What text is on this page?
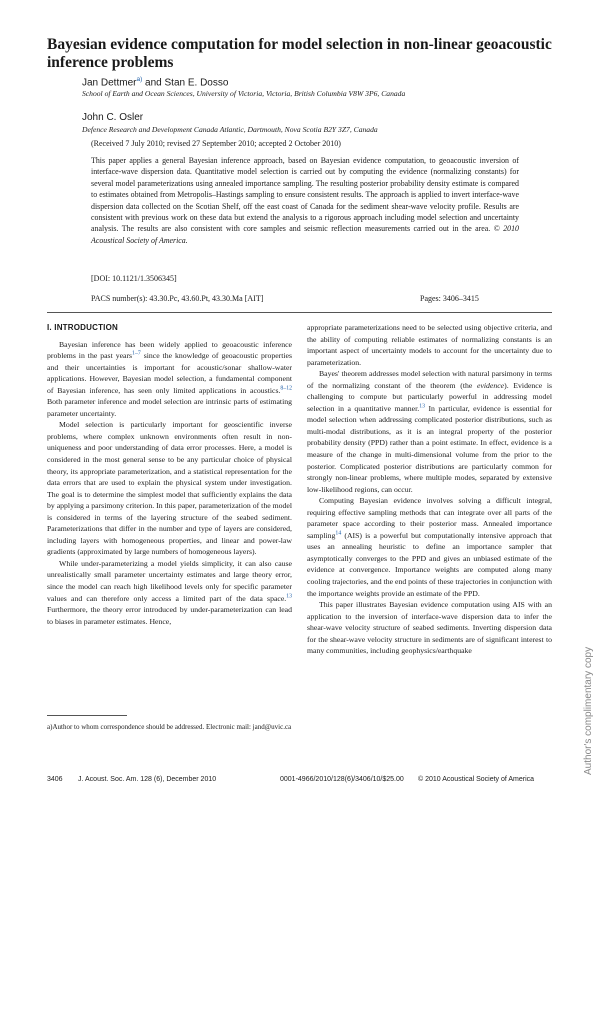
Bayesian evidence computation for model selection in non-linear geoacoustic inference problems
Jan Dettmer$^{a)}$ and Stan E. Dosso
School of Earth and Ocean Sciences, University of Victoria, Victoria, British Columbia V8W 3P6, Canada
John C. Osler
Defence Research and Development Canada Atlantic, Dartmouth, Nova Scotia B2Y 3Z7, Canada
(Received 7 July 2010; revised 27 September 2010; accepted 2 October 2010)
This paper applies a general Bayesian inference approach, based on Bayesian evidence computation, to geoacoustic inversion of interface-wave dispersion data. Quantitative model selection is carried out by computing the evidence (normalizing constants) for several model parameterizations using annealed importance sampling. The resulting posterior probability density estimate is compared to estimates obtained from Metropolis–Hastings sampling to ensure consistent results. The approach is applied to invert interface-wave dispersion data collected on the Scotian Shelf, off the east coast of Canada for the sediment shear-wave velocity profile. Results are consistent with previous work on these data but extend the analysis to a rigorous approach including model selection and uncertainty analysis. The results are also consistent with core samples and seismic reflection measurements carried out in the area. © 2010 Acoustical Society of America.
[DOI: 10.1121/1.3506345]
PACS number(s): 43.30.Pc, 43.60.Pt, 43.30.Ma [AIT]	Pages: 3406–3415
I. INTRODUCTION

Bayesian inference has been widely applied to geoacoustic inference problems in the past years$^{1-7}$ since the knowledge of geoacoustic properties and their uncertainties is important for acoustic/sonar shallow-water applications. However, Bayesian model selection, a fundamental component of Bayesian inference, has seen only limited applications in acoustics.$^{8-12}$ Both parameter inference and model selection are intrinsic parts of estimating parameter uncertainty.

Model selection is particularly important for geoscientific inverse problems, where complex unknown environments often result in non-uniqueness and poor understanding of data error processes. Here, a model is considered in the most general sense to be any particular choice of physical theory, its appropriate parameterization, and a statistical representation for the data errors that are used to explain the physical system under investigation. The goal is to determine the simplest model that sufficiently explains the data by applying a parsimony criterion. In this paper, parameterization of the model is considered in terms of the layering structure of the seabed sediment. Parameterizations that differ in the number and type of layers are considered, including layers with homogeneous properties, and linear and power-law gradients (approximated by large numbers of homogeneous layers).

While under-parameterizing a model yields simplicity, it can also cause unrealistically small parameter uncertainty estimates and large theory error, since the model can reach high likelihood levels only for specific parameter values and can therefore only access a limited part of the data space.$^{13}$ Furthermore, the theory error introduced by under-parameterization can lead to biases in parameter estimates. Hence,

appropriate parameterizations need to be selected using objective criteria, and the ability of computing reliable estimates of normalizing constants is an important aspect of uncertainty models to account for the uncertainty due to parameterization.

Bayes' theorem addresses model selection with natural parsimony in terms of the normalizing constant of the theorem (the evidence). Evidence is challenging to compute but particularly powerful in addressing model selection in a quantitative manner.$^{13}$ In particular, evidence is essential for model selection when addressing complicated posterior distributions, such as multi-modal distributions, as it is an integral property of the posterior probability density (PPD) rather than a point estimate. In effect, evidence is a measure of the change in multi-dimensional volume from the prior to the posterior. Complicated posterior distributions are particularly common for strongly non-linear problems, where multiple modes, separated by extensive low-likelihood regions, can occur.

Computing Bayesian evidence involves solving a difficult integral, requiring effective sampling methods that can integrate over all parts of the parameter space according to their posterior mass. Annealed importance sampling$^{14}$ (AIS) is a powerful but computationally intensive approach that uses an annealing heuristic to define an importance sampler that asymptotically converges to the PPD and gives an unbiased estimate of the evidence at convergence. Importance weights are computed along many cooling trajectories, and the end points of these trajectories in conjunction with the importance weights provide an estimate of the PPD.

This paper illustrates Bayesian evidence computation using AIS with an application to the inversion of interface-wave dispersion data to infer the shear-wave velocity structure of seabed sediments. Inverting dispersion data for the shear-wave velocity structure in sediments are of significant interest to many communities, including geophysics/earthquake

a)Author to whom correspondence should be addressed. Electronic mail: jand@uvic.ca
3406 J. Acoust. Soc. Am. 128 (6), December 2010	0001-4966/2010/128(6)/3406/10/$25.00 © 2010 Acoustical Society of America
Author's complimentary copy
